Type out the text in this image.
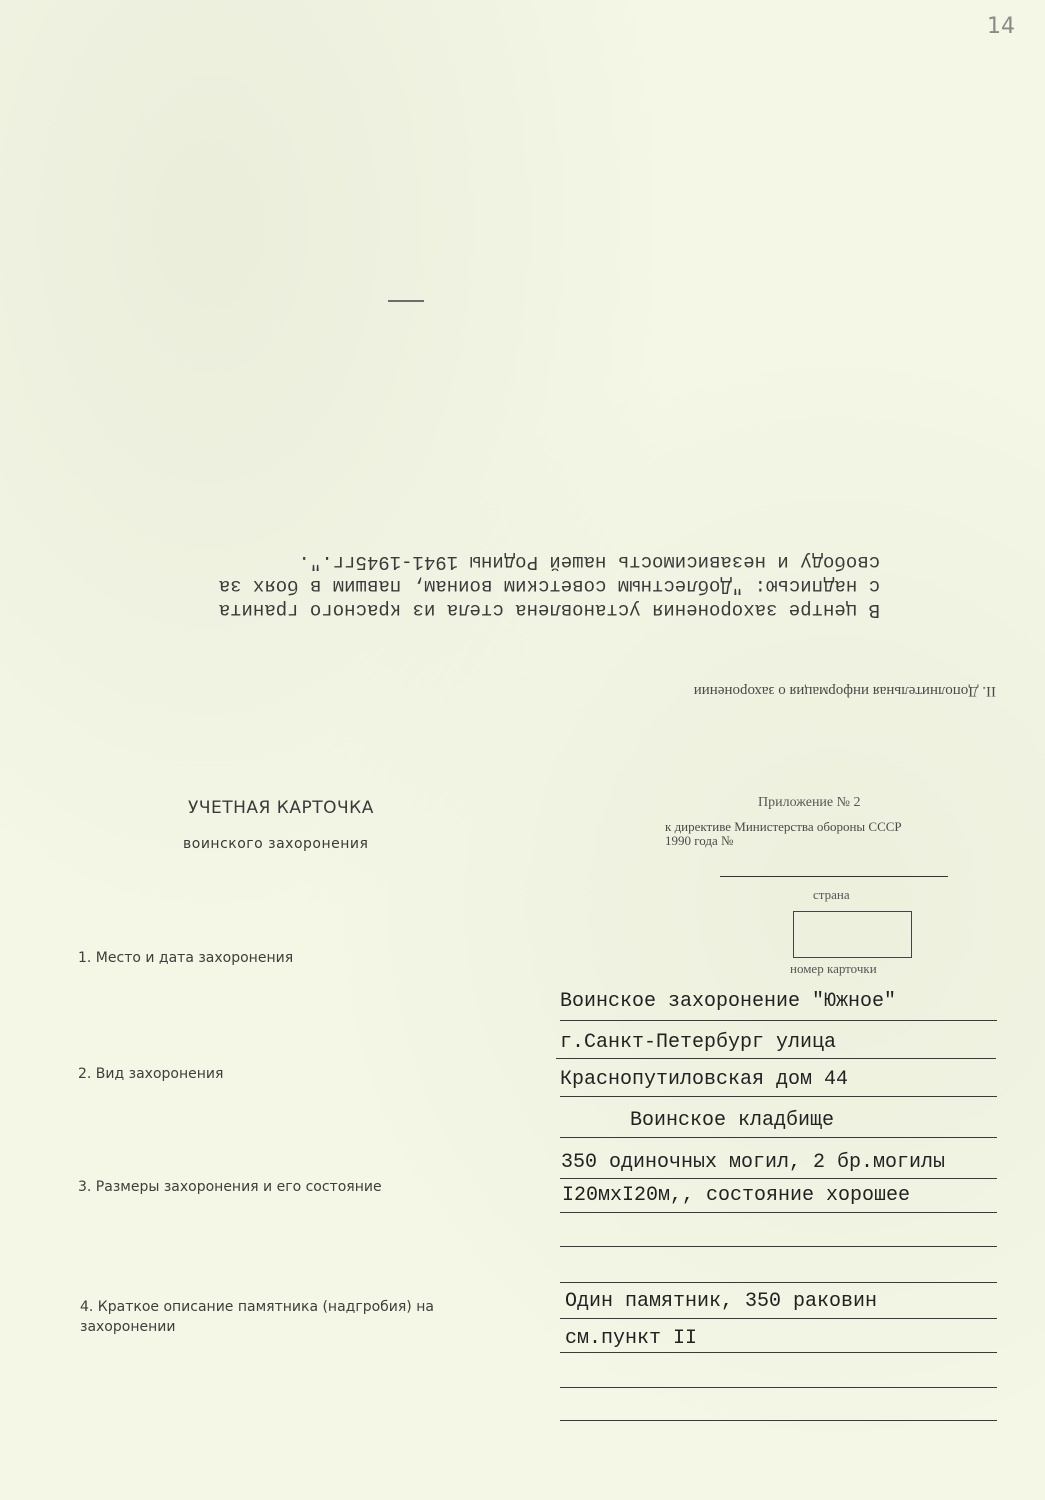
14
В центре захоронения установлена стела из красного гранита
с надписью: "Доблестным советским воинам, павшим в боях за
свободу и независимость нашей Родины 1941-1945гг.".
II. Дополнительная информация о захоронении
УЧЕТНАЯ КАРТОЧКА
воинского захоронения
Приложение № 2
к директиве Министерства обороны СССР
1990 года №
страна
номер карточки
1. Место и дата захоронения
2. Вид захоронения
3. Размеры захоронения и его состояние
4. Краткое описание памятника (надгробия) на захоронении
Воинское захоронение "Южное"
г.Санкт-Петербург улица
Краснопутиловская дом 44
Воинское кладбище
350 одиночных могил, 2 бр.могилы
I20мхI20м,, состояние хорошее
Один памятник, 350 раковин
см.пункт II
